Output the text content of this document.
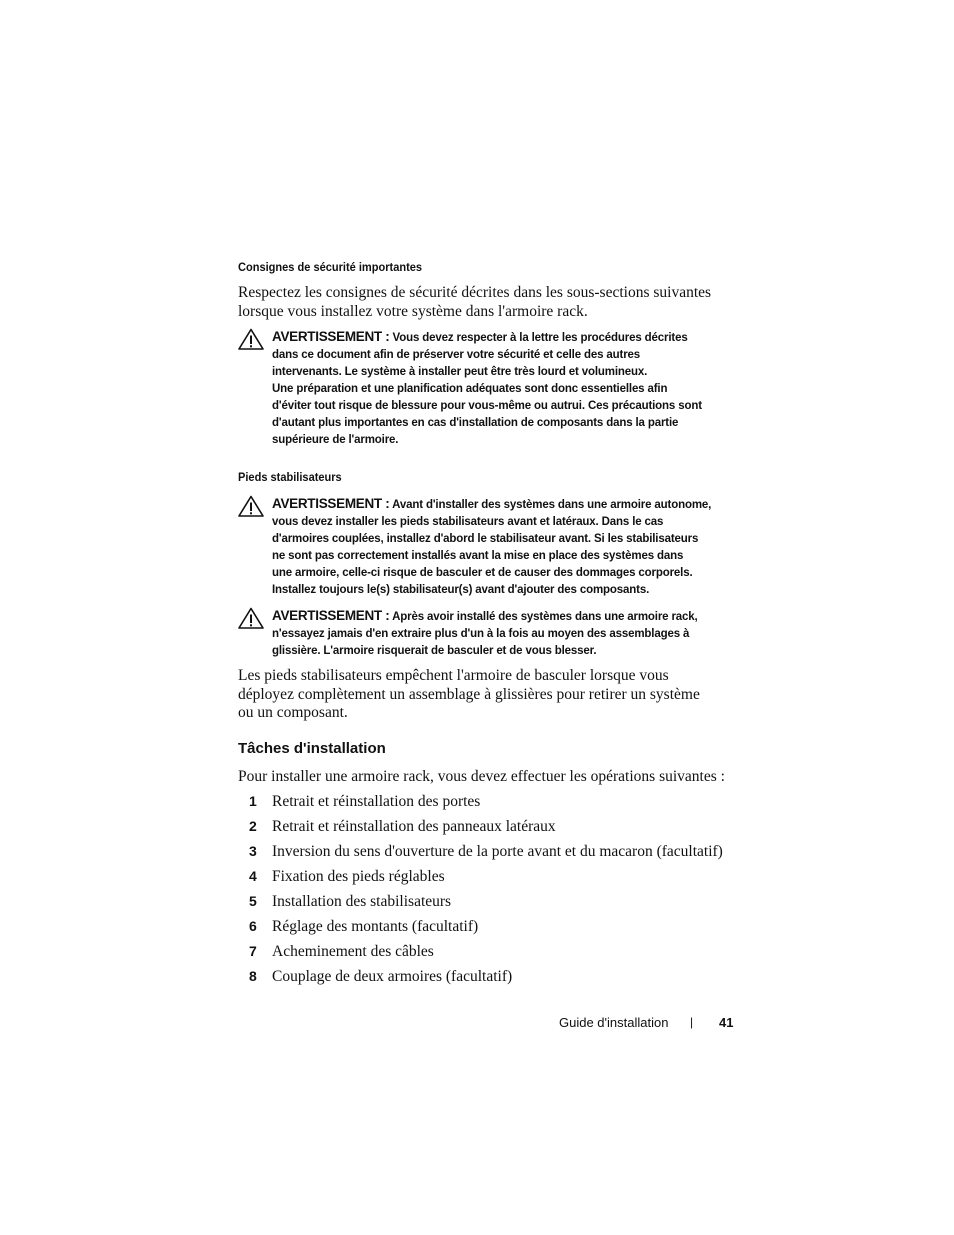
Consignes de sécurité importantes
Respectez les consignes de sécurité décrites dans les sous-sections suivantes
lorsque vous installez votre système dans l'armoire rack.
AVERTISSEMENT : Vous devez respecter à la lettre les procédures décrites
dans ce document afin de préserver votre sécurité et celle des autres
intervenants. Le système à installer peut être très lourd et volumineux.
Une préparation et une planification adéquates sont donc essentielles afin
d'éviter tout risque de blessure pour vous-même ou autrui. Ces précautions sont
d'autant plus importantes en cas d'installation de composants dans la partie
supérieure de l'armoire.
Pieds stabilisateurs
AVERTISSEMENT : Avant d'installer des systèmes dans une armoire autonome,
vous devez installer les pieds stabilisateurs avant et latéraux. Dans le cas
d'armoires couplées, installez d'abord le stabilisateur avant. Si les stabilisateurs
ne sont pas correctement installés avant la mise en place des systèmes dans
une armoire, celle-ci risque de basculer et de causer des dommages corporels.
Installez toujours le(s) stabilisateur(s) avant d'ajouter des composants.
AVERTISSEMENT : Après avoir installé des systèmes dans une armoire rack,
n'essayez jamais d'en extraire plus d'un à la fois au moyen des assemblages à
glissière. L'armoire risquerait de basculer et de vous blesser.
Les pieds stabilisateurs empêchent l'armoire de basculer lorsque vous
déployez complètement un assemblage à glissières pour retirer un système
ou un composant.
Tâches d'installation
Pour installer une armoire rack, vous devez effectuer les opérations suivantes :
1 Retrait et réinstallation des portes
2 Retrait et réinstallation des panneaux latéraux
3 Inversion du sens d'ouverture de la porte avant et du macaron (facultatif)
4 Fixation des pieds réglables
5 Installation des stabilisateurs
6 Réglage des montants (facultatif)
7 Acheminement des câbles
8 Couplage de deux armoires (facultatif)
Guide d'installation | 41
